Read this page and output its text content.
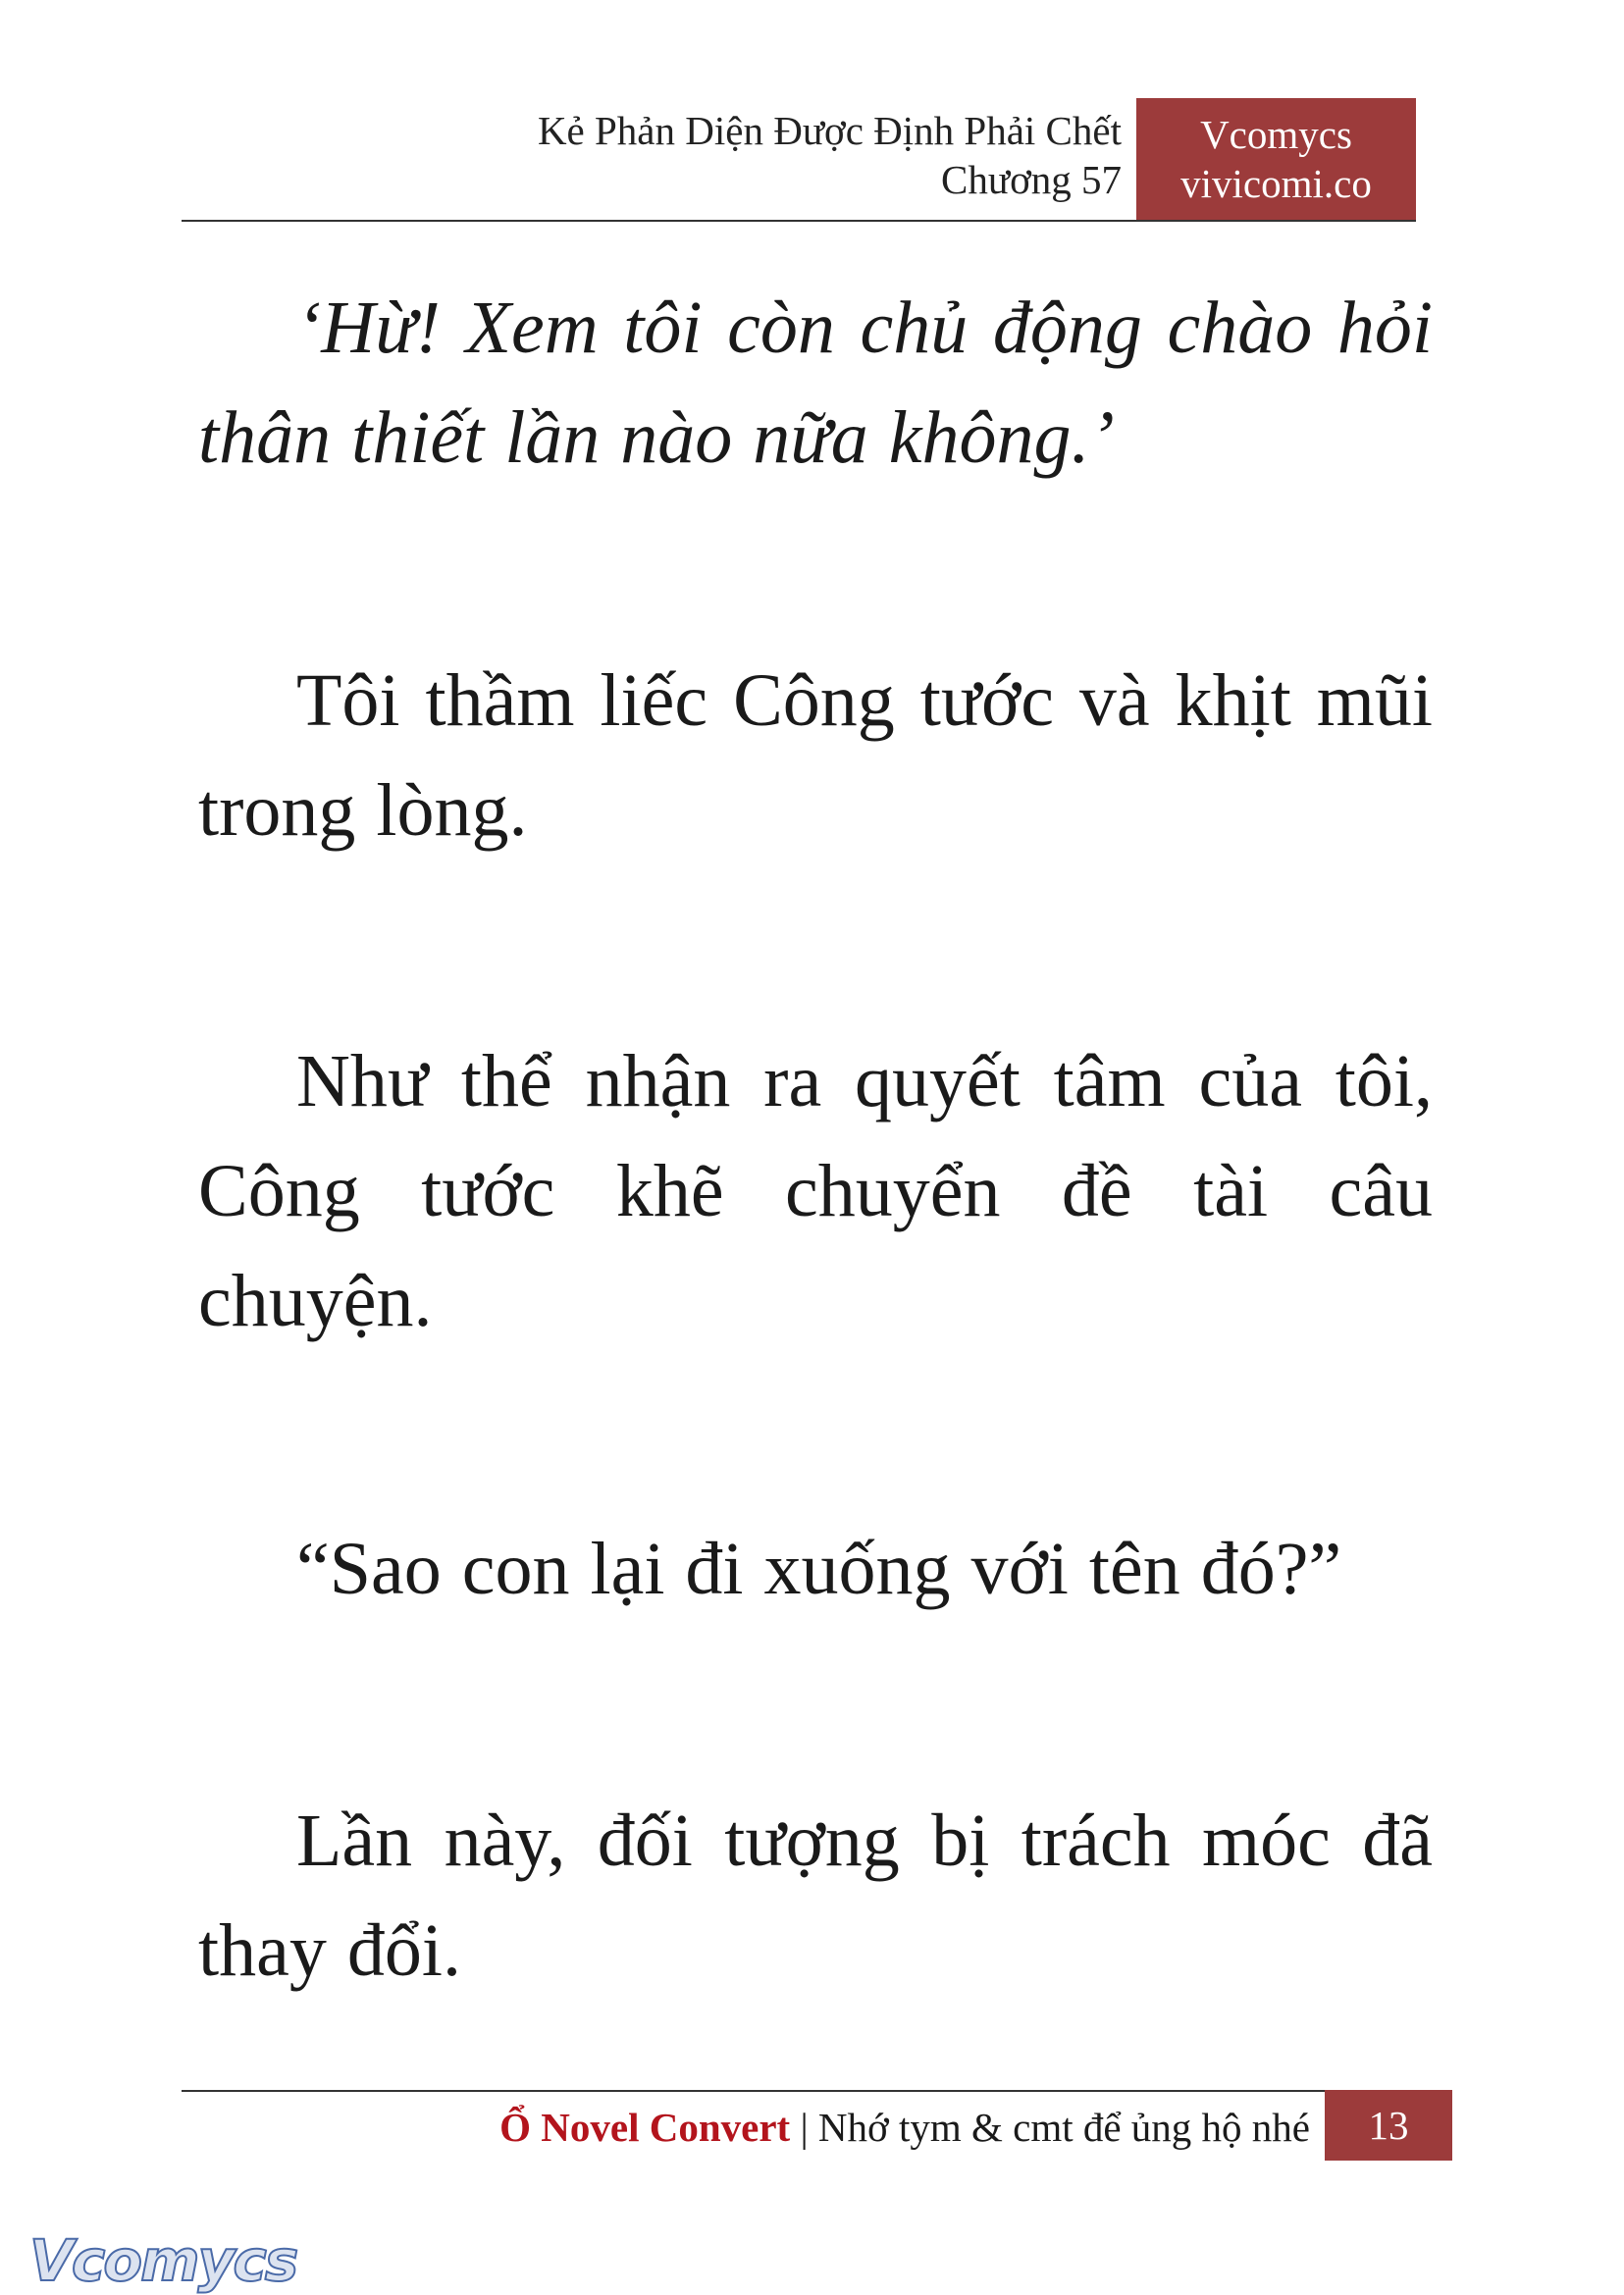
Kẻ Phản Diện Được Định Phải Chết
Chương 57
Vcomycs
vivicomi.co

‘Hừ! Xem tôi còn chủ động chào hỏi thân thiết lần nào nữa không.’

Tôi thầm liếc Công tước và khịt mũi trong lòng.

Như thể nhận ra quyết tâm của tôi, Công tước khẽ chuyển đề tài câu chuyện.

“Sao con lại đi xuống với tên đó?”

Lần này, đối tượng bị trách móc đã thay đổi.

Ổ Novel Convert | Nhớ tym & cmt để ủng hộ nhé	13
Vcomycs
